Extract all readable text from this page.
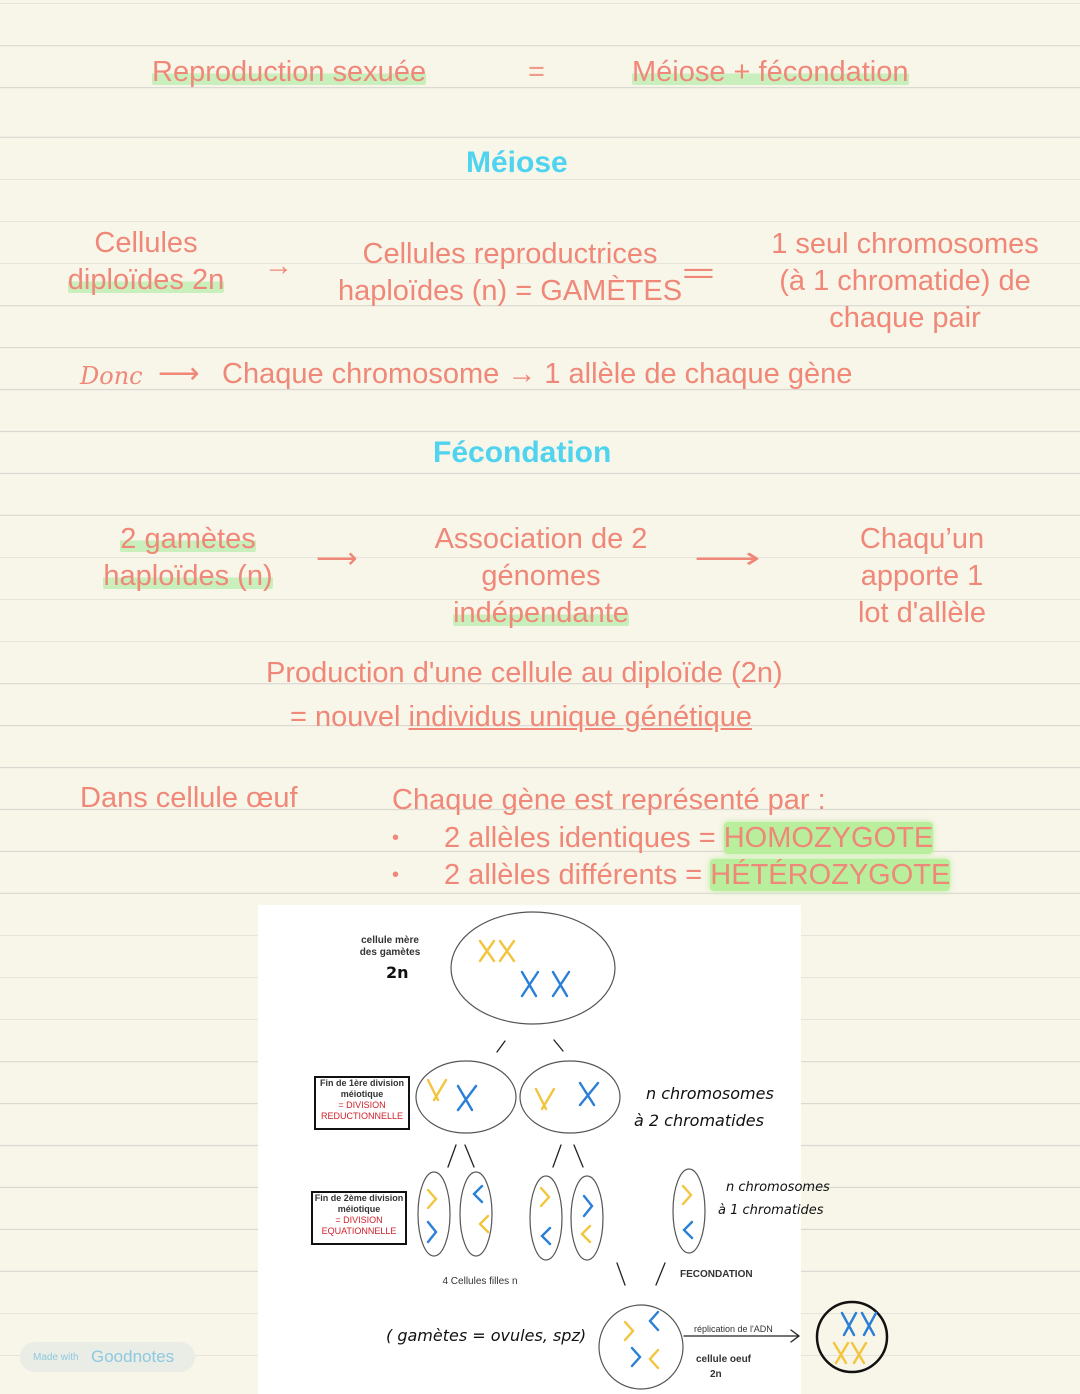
Reproduction sexuée	=	Méiose + fécondation
Méiose
Cellules
diploïdes 2n	→	Cellules reproductrices
haploïdes (n) = GAMÈTES
=
1 seul chromosomes
(à 1 chromatide) de
chaque pair
Donc ⟶ Chaque chromosome → 1 allèle de chaque gène
Fécondation
2 gamètes
haploïdes (n)
⟶
Association de 2
génomes
indépendante
⟶
Chaqu’un
apporte 1
lot d'allèle
Production d'une cellule au diploïde (2n)
= nouvel individus unique génétique
Dans cellule œuf	Chaque gène est représenté par :
• 2 allèles identiques = HOMOZYGOTE
• 2 allèles différents = HÉTÉROZYGOTE
cellule mère
des gamètes
2n
Fin de 1ère division
méiotique
= DIVISION
REDUCTIONNELLE
Fin de 2ème division
méiotique
= DIVISION
EQUATIONNELLE
n chromosomes
à 2 chromatides
n chromosomes
à 1 chromatides
4 Cellules filles n
FECONDATION
( gamètes = ovules, spz)	réplication de l'ADN
cellule oeuf
2n
Made with Goodnotes
